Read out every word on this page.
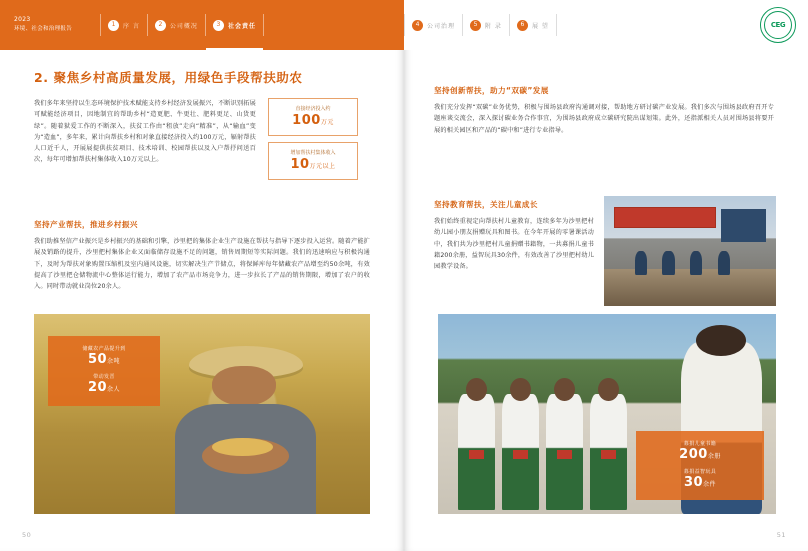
2023
环境、社会和治理报告
1	序 言	2	公司概况	3	社会责任
2. 聚焦乡村高质量发展，用绿色手段帮扶助农

我们多年来坚持以生态环境保护技术赋能支持乡村经济发展振兴，不断识别拓展可赋能经济项目，因地制宜的帮助乡村“造更肥、牛更壮、肥料更足、山货更绿”。随着狱爱工作的不断深入，扶贫工作由“租放”走向“精准”，从“输血”变为“造血”，多年来，累计向帮扶乡村和对象直接经济投入约100万元，辐射帮扶人口近千人，开展展提供扶贫项目、技术培训、校园帮扶以及入户帮抒问送百次，每年可增加帮扶村集体收入10万元以上。

直接经济投入约
100万元
增加帮扶村集体收入
10万元以上
坚持产业帮扶，推进乡村振兴

我们助推坚信产业振兴是乡村振兴的基础和引擎，沙里把的集体企业生产设施在帮扶与指导下逐步投入运营。随着产能扩展及销路的提升，沙里把村集体企业又面临储存设施不足的问题，销售周期短等实际问题。我们的迅速响应与积极沟通下，及时为帮扶对象购置压缩机及室内通风设施，切实解决生产节储点，将保鲜库每年储藏农产品增至约50余吨，有效提高了沙里把仓储物流中心整体运行能力，增加了农产品市场竞争力，进一步拉长了产品的销售期限，增加了农户的收入。同时带动就业岗位20余人。

储藏农产品提升到
50余吨
带动发晋
20余人
50
4	公司治理	5	附 录	6	展 望	CEG
坚持创新帮扶，助力“双碳”发展

我们充分发挥“双碳”业务优势，积极与围场县政府沟通调对接，帮助地方研讨碳产业发展。我们多次与围场县政府召开专题座谈交流会，深入探讨碳业务合作事宜，为围场县政府成立碳研究院出谋划策。此外，还指派相关人员对围场县将要开展的相关园区和产品的“碳中和”进行专业指导。

坚持教育帮扶，关注儿童成长

我们始终重视定向帮扶村儿童教育，连续多年为沙里把村幼儿园小朋友捐赠玩具和图书。在今年开展的零暑课活动中，我们共为沙里把村儿童捐赠书籍物，一共募捐儿童书籍200余册，益智玩具30余件，有效改善了沙里把村幼儿园教学设备。

募捐儿童书籍
200余册
募捐益智玩具
30余件
51
